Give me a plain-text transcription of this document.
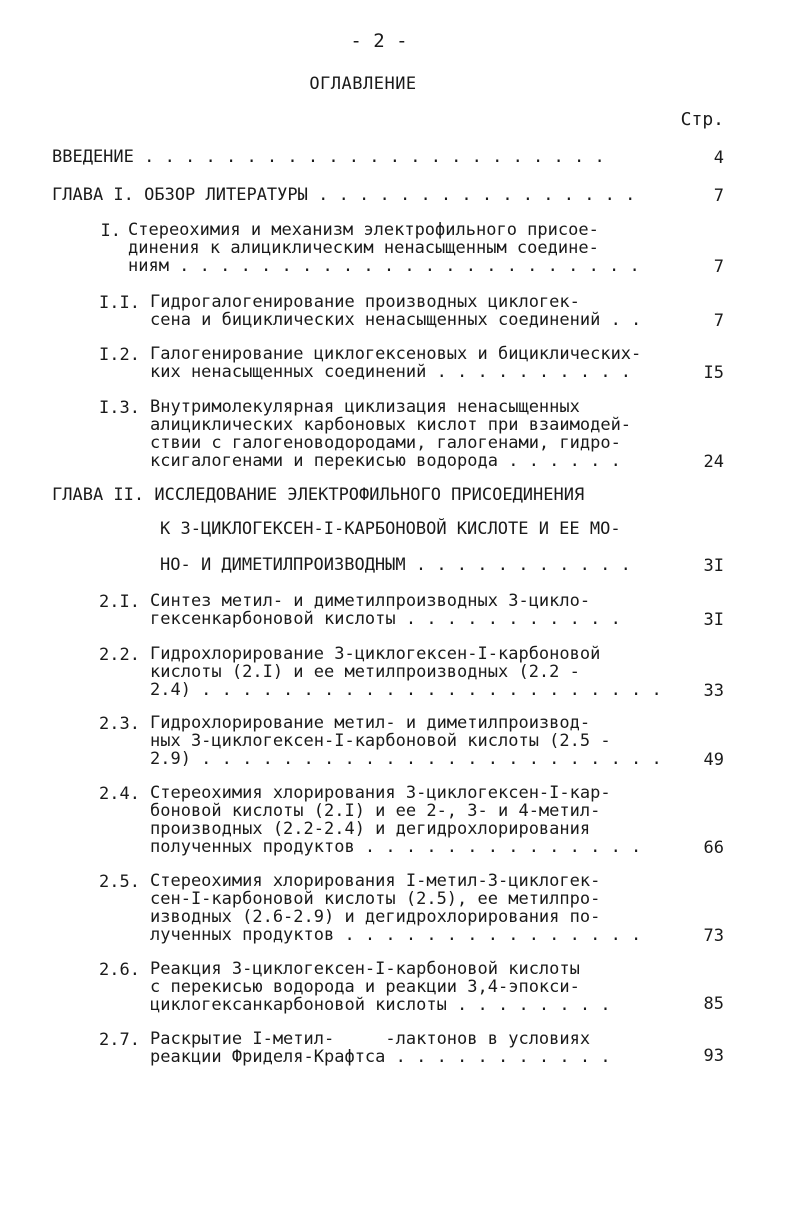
- 2 -
ОГЛАВЛЕНИЕ
Стр.
ВВЕДЕНИЕ . . . . . . . . . . . . . . . . . . . . . . .	4
ГЛАВА I. ОБЗОР ЛИТЕРАТУРЫ . . . . . . . . . . . . . . . .	7
I. Стереохимия и механизм электрофильного присое-
динения к алициклическим ненасыщенным соедине-
ниям . . . . . . . . . . . . . . . . . . . . . . .	7
I.I. Гидрогалогенирование производных циклогек-
сена и бициклических ненасыщенных соединений . .	7
I.2. Галогенирование циклогексеновых и бициклических-
ких ненасыщенных соединений . . . . . . . . . .	I5
I.3. Внутримолекулярная циклизация ненасыщенных
алициклических карбоновых кислот при взаимодей-
ствии с галогеноводородами, галогенами, гидро-
ксигалогенами и перекисью водорода . . . . . .	24
ГЛАВА II. ИССЛЕДОВАНИЕ ЭЛЕКТРОФИЛЬНОГО ПРИСОЕДИНЕНИЯ
К 3-ЦИКЛОГЕКСЕН-I-КАРБОНОВОЙ КИСЛОТЕ И ЕЕ МО-
НО- И ДИМЕТИЛПРОИЗВОДНЫМ . . . . . . . . . . .	3I
2.I. Синтез метил- и диметилпроизводных 3-цикло-
гексенкарбоновой кислоты . . . . . . . . . . .	3I
2.2. Гидрохлорирование 3-циклогексен-I-карбоновой
кислоты (2.I) и ее метилпроизводных (2.2 -
2.4) . . . . . . . . . . . . . . . . . . . . . . .	33
2.3. Гидрохлорирование метил- и диметилпроизвод-
ных 3-циклогексен-I-карбоновой кислоты (2.5 -
2.9) . . . . . . . . . . . . . . . . . . . . . . .	49
2.4. Стереохимия хлорирования 3-циклогексен-I-кар-
боновой кислоты (2.I) и ее 2-, 3- и 4-метил-
производных (2.2-2.4) и дегидрохлорирования
полученных продуктов . . . . . . . . . . . . . .	66
2.5. Стереохимия хлорирования I-метил-3-циклогек-
сен-I-карбоновой кислоты (2.5), ее метилпро-
изводных (2.6-2.9) и дегидрохлорирования по-
лученных продуктов . . . . . . . . . . . . . . .	73
2.6. Реакция 3-циклогексен-I-карбоновой кислоты
с перекисью водорода и реакции 3,4-эпокси-
циклогексанкарбоновой кислоты . . . . . . . .	85
2.7. Раскрытие I-метил-     -лактонов в условиях
реакции Фриделя-Крафтса . . . . . . . . . . .	93
